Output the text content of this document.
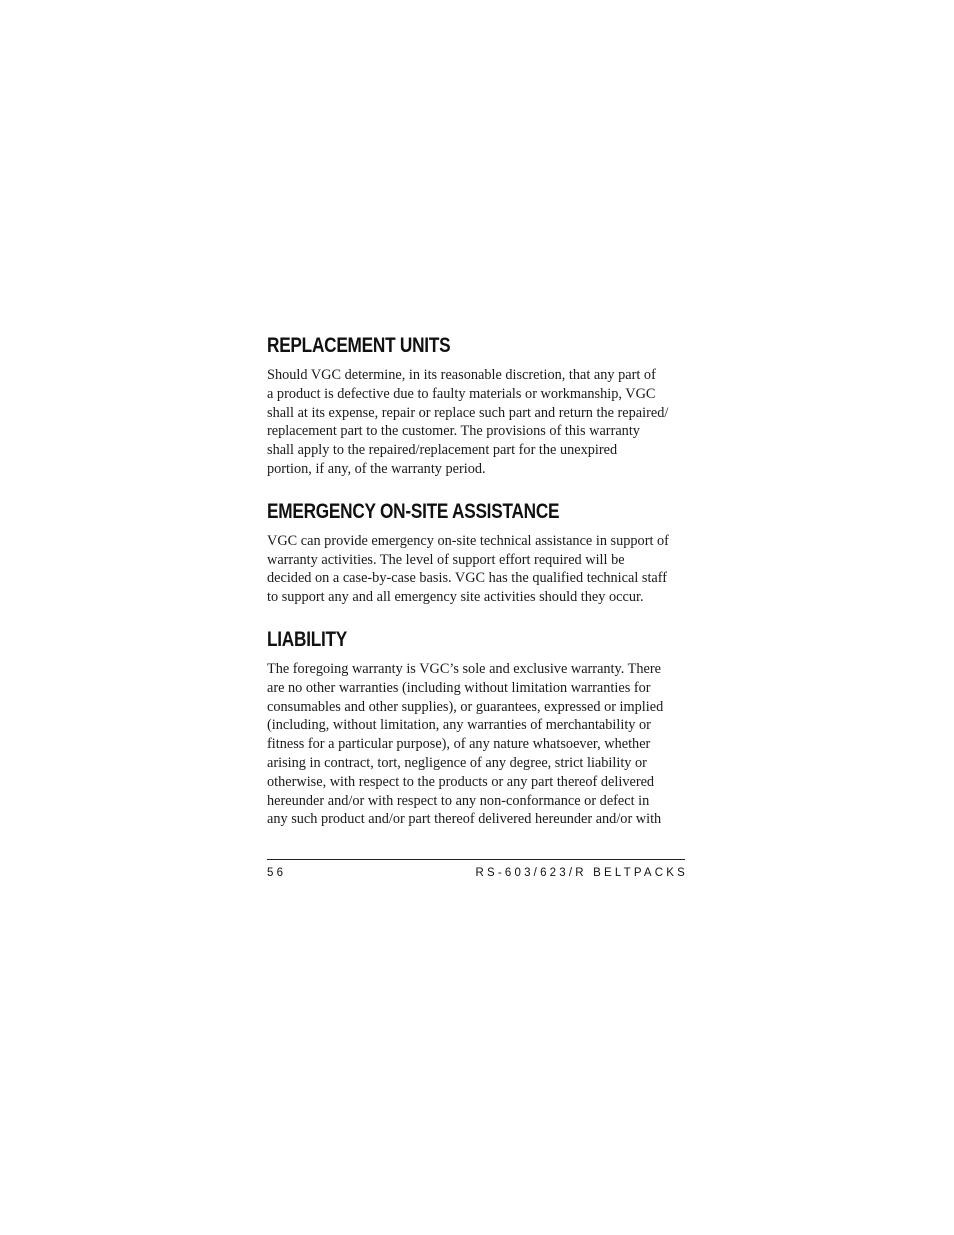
REPLACEMENT UNITS

Should VGC determine, in its reasonable discretion, that any part of
a product is defective due to faulty materials or workmanship, VGC
shall at its expense, repair or replace such part and return the repaired/
replacement part to the customer. The provisions of this warranty
shall apply to the repaired/replacement part for the unexpired
portion, if any, of the warranty period.

EMERGENCY ON-SITE ASSISTANCE

VGC can provide emergency on-site technical assistance in support of
warranty activities. The level of support effort required will be
decided on a case-by-case basis. VGC has the qualified technical staff
to support any and all emergency site activities should they occur.

LIABILITY

The foregoing warranty is VGC’s sole and exclusive warranty. There
are no other warranties (including without limitation warranties for
consumables and other supplies), or guarantees, expressed or implied
(including, without limitation, any warranties of merchantability or
fitness for a particular purpose), of any nature whatsoever, whether
arising in contract, tort, negligence of any degree, strict liability or
otherwise, with respect to the products or any part thereof delivered
hereunder and/or with respect to any non-conformance or defect in
any such product and/or part thereof delivered hereunder and/or with

56	RS-603/623/R BELTPACKS
